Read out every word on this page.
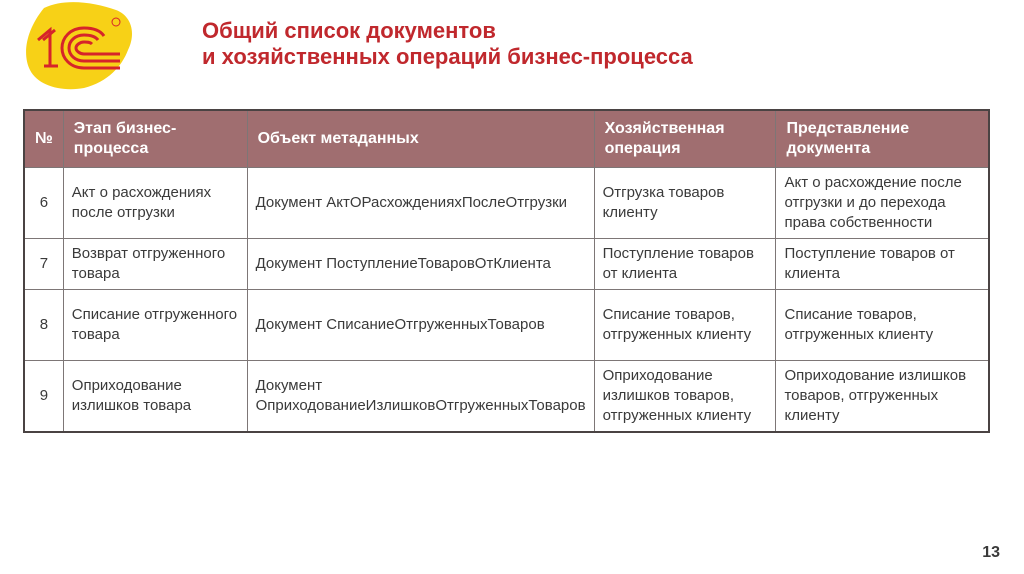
Общий список документов
и хозяйственных операций бизнес-процесса
№	Этап бизнес-процесса	Объект метаданных	Хозяйственная операция	Представление документа
6	Акт о расхождениях после отгрузки	Документ АктОРасхожденияхПослеОтгрузки	Отгрузка товаров клиенту	Акт о расхождение после отгрузки и до перехода права собственности
7	Возврат отгруженного товара	Документ ПоступлениеТоваровОтКлиента	Поступление товаров от клиента	Поступление товаров от клиента
8	Списание отгруженного товара	Документ СписаниеОтгруженныхТоваров	Списание товаров, отгруженных клиенту	Списание товаров, отгруженных клиенту
9	Оприходование излишков товара	Документ ОприходованиеИзлишковОтгруженныхТоваров	Оприходование излишков товаров, отгруженных клиенту	Оприходование излишков товаров, отгруженных клиенту
13
